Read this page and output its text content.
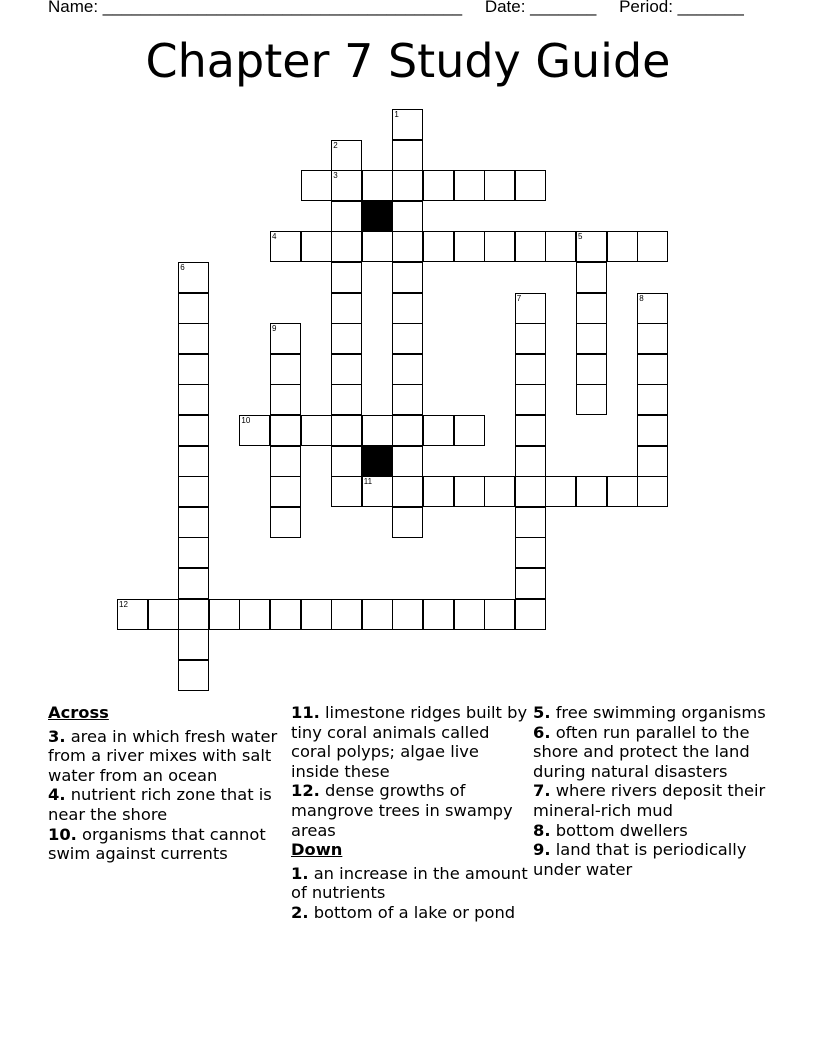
Name: ______________________________________ Date: _______ Period: _______
Chapter 7 Study Guide
1
2
3
4	5
6
7	8
9
10
11
12
Across

3. area in which fresh water from a river mixes with salt water from an ocean

4. nutrient rich zone that is near the shore

10. organisms that cannot swim against currents

11. limestone ridges built by tiny coral animals called coral polyps; algae live inside these

12. dense growths of mangrove trees in swampy areas

Down

1. an increase in the amount of nutrients

2. bottom of a lake or pond

5. free swimming organisms

6. often run parallel to the shore and protect the land during natural disasters

7. where rivers deposit their mineral-rich mud

8. bottom dwellers

9. land that is periodically under water
